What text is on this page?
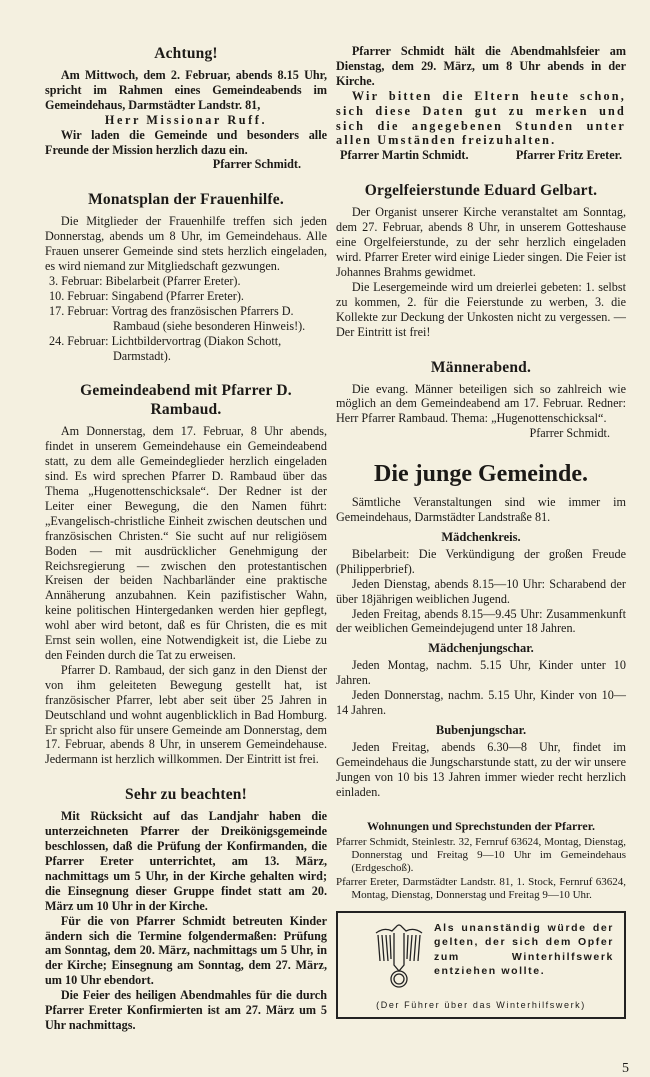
Achtung!

Am Mittwoch, dem 2. Februar, abends 8.15 Uhr, spricht im Rahmen eines Gemeindeabends im Gemeindehaus, Darmstädter Landstr. 81,

Herr Missionar Ruff.

Wir laden die Gemeinde und besonders alle Freunde der Mission herzlich dazu ein.

Pfarrer Schmidt.

Monatsplan der Frauenhilfe.

Die Mitglieder der Frauenhilfe treffen sich jeden Donnerstag, abends um 8 Uhr, im Gemeindehaus. Alle Frauen unserer Gemeinde sind stets herzlich eingeladen, es wird niemand zur Mitgliedschaft gezwungen.

3. Februar: Bibelarbeit (Pfarrer Ereter).
10. Februar: Singabend (Pfarrer Ereter).
17. Februar: Vortrag des französischen Pfarrers D. Rambaud (siehe besonderen Hinweis!).
24. Februar: Lichtbildervortrag (Diakon Schott, Darmstadt).
Gemeindeabend mit Pfarrer D. Rambaud.

Am Donnerstag, dem 17. Februar, 8 Uhr abends, findet in unserem Gemeindehause ein Gemeindeabend statt, zu dem alle Gemeindeglieder herzlich eingeladen sind. Es wird sprechen Pfarrer D. Rambaud über das Thema „Hugenottenschicksale“. Der Redner ist der Leiter einer Bewegung, die den Namen führt: „Evangelisch-christliche Einheit zwischen deutschen und französischen Christen.“ Sie sucht auf nur religiösem Boden — mit ausdrücklicher Genehmigung der Reichsregierung — zwischen den protestantischen Kreisen der beiden Nachbarländer eine praktische Annäherung anzubahnen. Kein pazifistischer Wahn, keine politischen Hintergedanken werden hier gepflegt, wohl aber wird betont, daß es für Christen, die es mit Ernst sein wollen, eine Notwendigkeit ist, die Liebe zu den Feinden durch die Tat zu erweisen.

Pfarrer D. Rambaud, der sich ganz in den Dienst der von ihm geleiteten Bewegung gestellt hat, ist französischer Pfarrer, lebt aber seit über 25 Jahren in Deutschland und wohnt augenblicklich in Bad Homburg. Er spricht also für unsere Gemeinde am Donnerstag, dem 17. Februar, abends 8 Uhr, in unserem Gemeindehause. Jedermann ist herzlich willkommen. Der Eintritt ist frei.

Sehr zu beachten!

Mit Rücksicht auf das Landjahr haben die unterzeichneten Pfarrer der Dreikönigsgemeinde beschlossen, daß die Prüfung der Konfirmanden, die Pfarrer Ereter unterrichtet, am 13. März, nachmittags um 5 Uhr, in der Kirche gehalten wird; die Einsegnung dieser Gruppe findet statt am 20. März um 10 Uhr in der Kirche.

Für die von Pfarrer Schmidt betreuten Kinder ändern sich die Termine folgendermaßen: Prüfung am Sonntag, dem 20. März, nachmittags um 5 Uhr, in der Kirche; Einsegnung am Sonntag, dem 27. März, um 10 Uhr ebendort.

Die Feier des heiligen Abendmahles für die durch Pfarrer Ereter Konfirmierten ist am 27. März um 5 Uhr nachmittags.

Pfarrer Schmidt hält die Abendmahlsfeier am Dienstag, dem 29. März, um 8 Uhr abends in der Kirche.

Wir bitten die Eltern heute schon, sich diese Daten gut zu merken und sich die angegebenen Stunden unter allen Umständen freizuhalten.

Pfarrer Martin Schmidt.	Pfarrer Fritz Ereter.
Orgelfeierstunde Eduard Gelbart.

Der Organist unserer Kirche veranstaltet am Sonntag, dem 27. Februar, abends 8 Uhr, in unserem Gotteshause eine Orgelfeierstunde, zu der sehr herzlich eingeladen wird. Pfarrer Ereter wird einige Lieder singen. Die Feier ist Johannes Brahms gewidmet.

Die Lesergemeinde wird um dreierlei gebeten: 1. selbst zu kommen, 2. für die Feierstunde zu werben, 3. die Kollekte zur Deckung der Unkosten nicht zu vergessen. — Der Eintritt ist frei!

Männerabend.

Die evang. Männer beteiligen sich so zahlreich wie möglich an dem Gemeindeabend am 17. Februar. Redner: Herr Pfarrer Rambaud. Thema: „Hugenottenschicksal“.

Pfarrer Schmidt.

Die junge Gemeinde.

Sämtliche Veranstaltungen sind wie immer im Gemeindehaus, Darmstädter Landstraße 81.

Mädchenkreis.

Bibelarbeit: Die Verkündigung der großen Freude (Philipperbrief).

Jeden Dienstag, abends 8.15—10 Uhr: Scharabend der über 18jährigen weiblichen Jugend.

Jeden Freitag, abends 8.15—9.45 Uhr: Zusammenkunft der weiblichen Gemeindejugend unter 18 Jahren.

Mädchenjungschar.

Jeden Montag, nachm. 5.15 Uhr, Kinder unter 10 Jahren.

Jeden Donnerstag, nachm. 5.15 Uhr, Kinder von 10—14 Jahren.

Bubenjungschar.

Jeden Freitag, abends 6.30—8 Uhr, findet im Gemeindehaus die Jungscharstunde statt, zu der wir unsere Jungen von 10 bis 13 Jahren immer wieder recht herzlich einladen.

Wohnungen und Sprechstunden der Pfarrer.

Pfarrer Schmidt, Steinlestr. 32, Fernruf 63624, Montag, Dienstag, Donnerstag und Freitag 9—10 Uhr im Gemeindehaus (Erdgeschoß).

Pfarrer Ereter, Darmstädter Landstr. 81, 1. Stock, Fernruf 63624, Montag, Dienstag, Donnerstag und Freitag 9—10 Uhr.

Als unanständig würde der gelten, der sich dem Opfer zum Winterhilfswerk entziehen wollte.
(Der Führer über das Winterhilfswerk)
5
